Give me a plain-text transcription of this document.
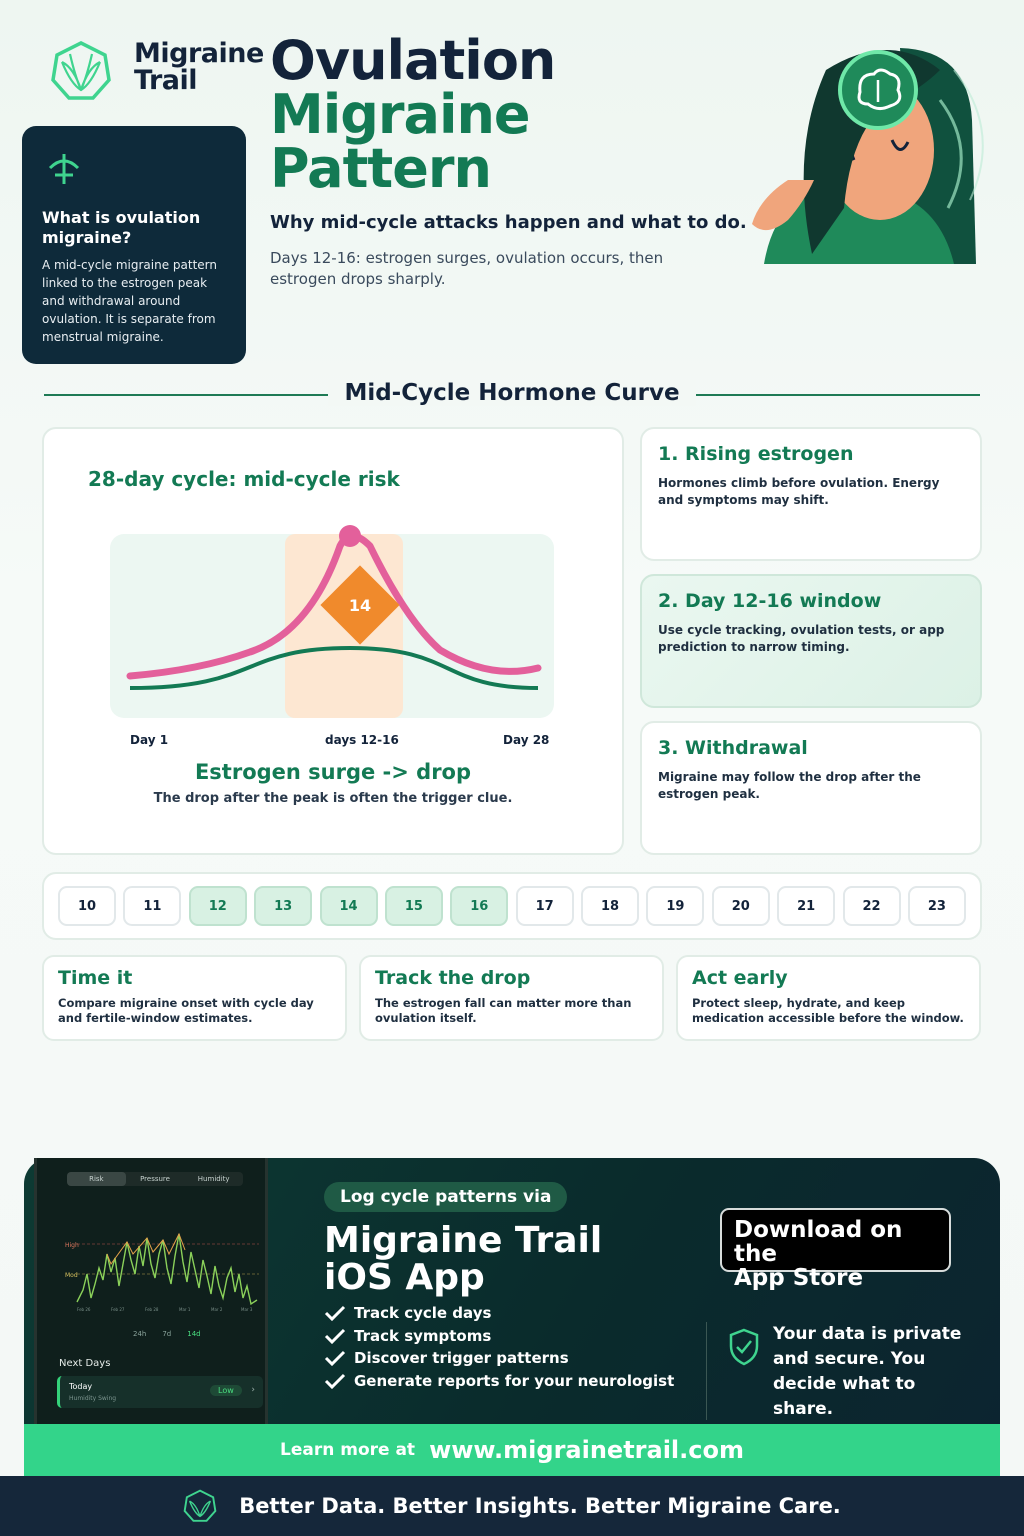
Migraine
Trail	Ovulation
Migraine
Pattern
Why mid-cycle attacks happen and what to do.
Days 12-16: estrogen surges, ovulation occurs, then estrogen drops sharply.
What is ovulation migraine?

A mid-cycle migraine pattern linked to the estrogen peak and withdrawal around ovulation. It is separate from menstrual migraine.

Mid-Cycle Hormone Curve
28-day cycle: mid-cycle risk
14
Day 1	days 12-16	Day 28
Estrogen surge -> drop
The drop after the peak is often the trigger clue.
1. Rising estrogen

Hormones climb before ovulation. Energy and symptoms may shift.

2. Day 12-16 window

Use cycle tracking, ovulation tests, or app prediction to narrow timing.

3. Withdrawal

Migraine may follow the drop after the estrogen peak.

10	11	12	13	14	15	16	17	18	19	20	21	22	23
Time it

Compare migraine onset with cycle day and fertile-window estimates.

Track the drop

The estrogen fall can matter more than ovulation itself.

Act early

Protect sleep, hydrate, and keep medication accessible before the window.

Risk	Pressure	Humidity
High
Mod
Feb 26	Feb 27	Feb 28	Mar 1	Mar 2	Mar 3
24h 7d 14d
Next Days
Today
Humidity Swing
Low	›
Log cycle patterns via
Migraine Trail
iOS App
Track cycle days
Track symptoms
Discover trigger patterns
Generate reports for your neurologist
Download on the
App Store
Your data is private and secure. You decide what to share.
Learn more at www.migrainetrail.com
Better Data. Better Insights. Better Migraine Care.
